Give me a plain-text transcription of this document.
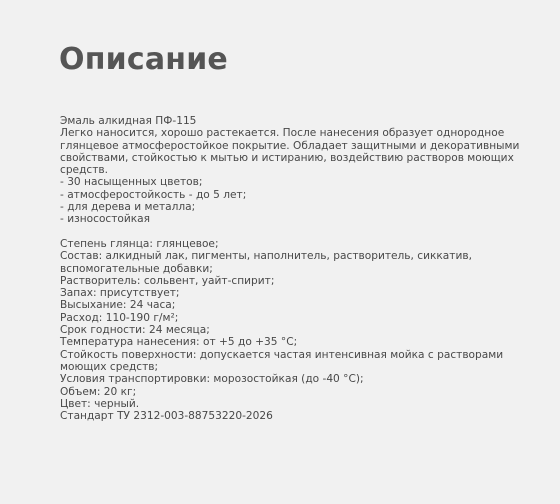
Описание
Эмаль алкидная ПФ-115
Легко наносится, хорошо растекается. После нанесения образует однородное
глянцевое атмосферостойкое покрытие. Обладает защитными и декоративными
свойствами, стойкостью к мытью и истиранию, воздействию растворов моющих
средств.
- 30 насыщенных цветов;
- атмосферостойкость - до 5 лет;
- для дерева и металла;
- износостойкая
Степень глянца: глянцевое;
Состав: алкидный лак, пигменты, наполнитель, растворитель, сиккатив,
вспомогательные добавки;
Растворитель: сольвент, уайт-спирит;
Запах: присутствует;
Высыхание: 24 часа;
Расход: 110-190 г/м²;
Срок годности: 24 месяца;
Температура нанесения: от +5 до +35 °C;
Стойкость поверхности: допускается частая интенсивная мойка с растворами
моющих средств;
Условия транспортировки: морозостойкая (до -40 °C);
Объем: 20 кг;
Цвет: черный.
Стандарт ТУ 2312-003-88753220-2026
